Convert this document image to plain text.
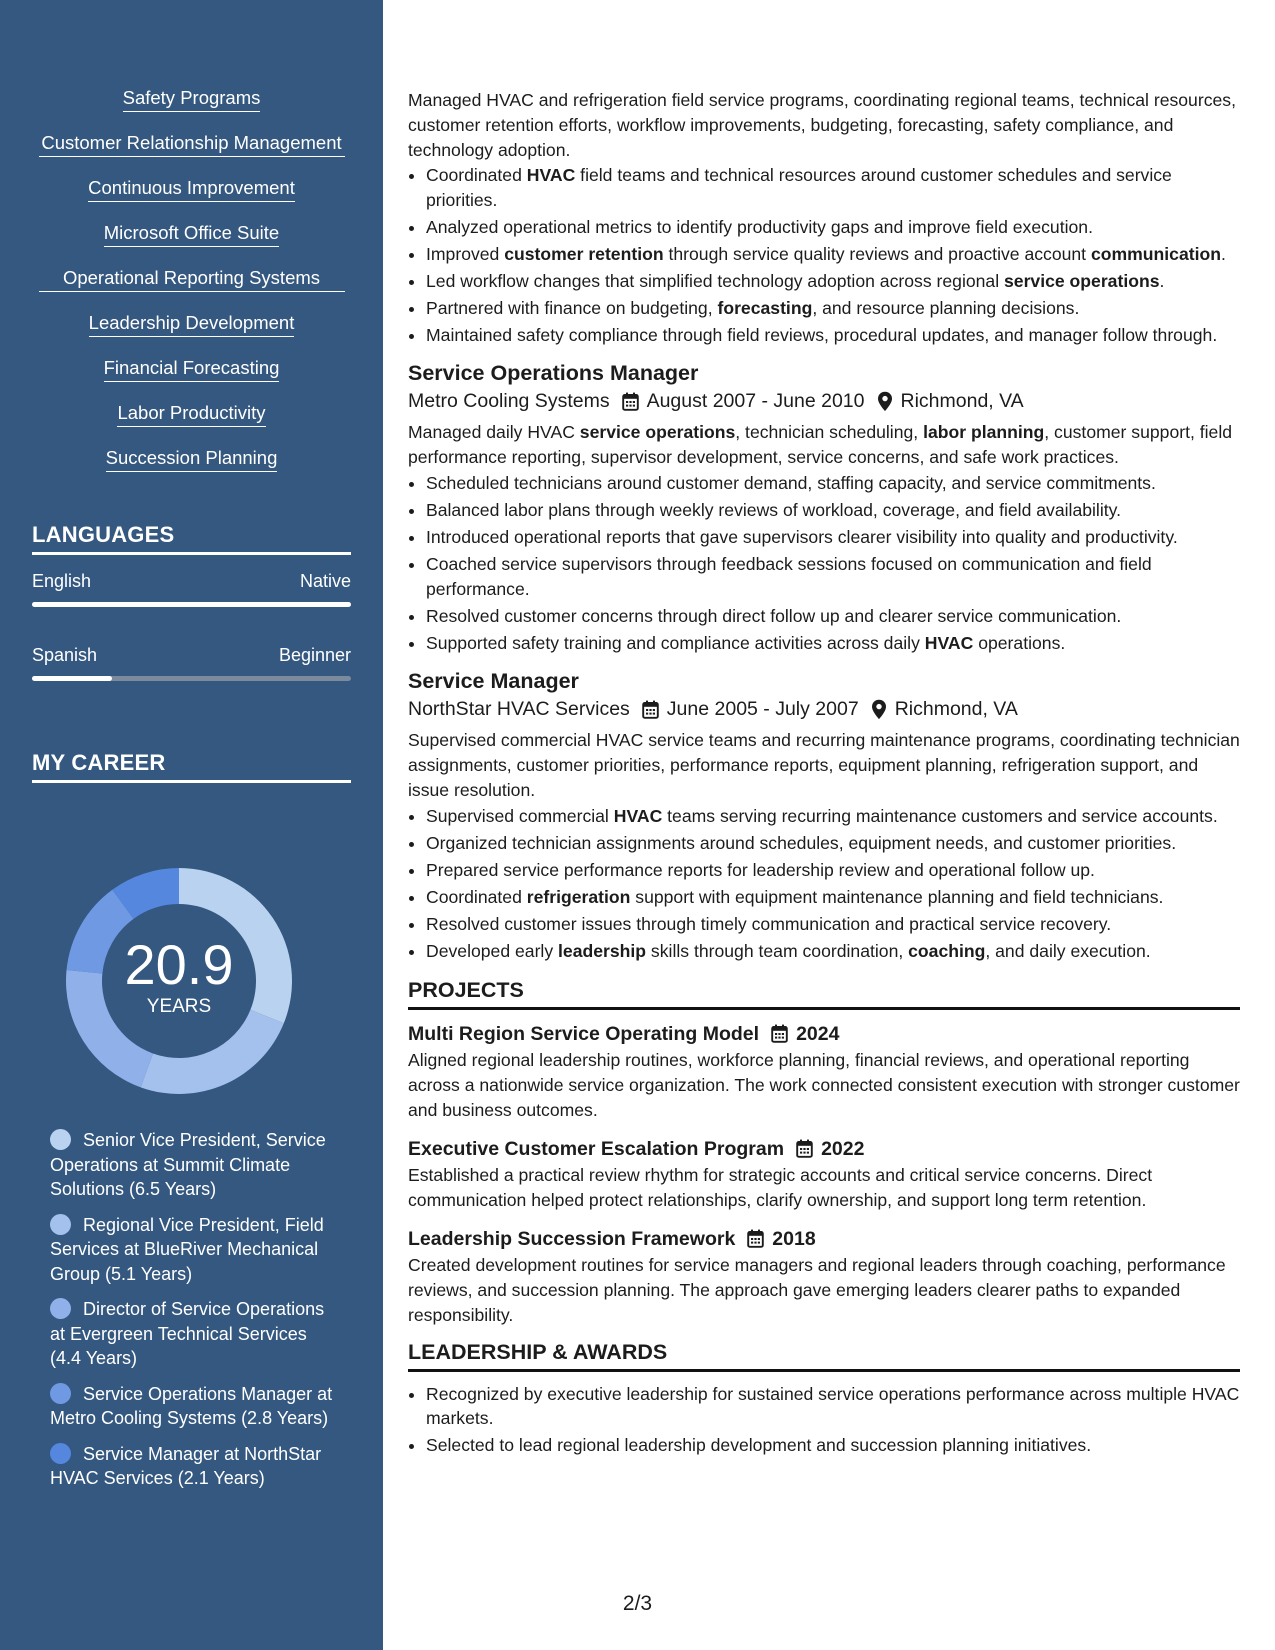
Safety Programs
Customer Relationship Management
Continuous Improvement
Microsoft Office Suite
Operational Reporting Systems
Leadership Development
Financial Forecasting
Labor Productivity
Succession Planning
LANGUAGES
English	Native
Spanish	Beginner
MY CAREER
20.9
YEARS
Senior Vice President, Service Operations at Summit Climate Solutions (6.5 Years)
Regional Vice President, Field Services at BlueRiver Mechanical Group (5.1 Years)
Director of Service Operations at Evergreen Technical Services (4.4 Years)
Service Operations Manager at Metro Cooling Systems (2.8 Years)
Service Manager at NorthStar HVAC Services (2.1 Years)
Managed HVAC and refrigeration field service programs, coordinating regional teams, technical resources, customer retention efforts, workflow improvements, budgeting, forecasting, safety compliance, and technology adoption.
• Coordinated HVAC field teams and technical resources around customer schedules and service priorities.
• Analyzed operational metrics to identify productivity gaps and improve field execution.
• Improved customer retention through service quality reviews and proactive account communication.
• Led workflow changes that simplified technology adoption across regional service operations.
• Partnered with finance on budgeting, forecasting, and resource planning decisions.
• Maintained safety compliance through field reviews, procedural updates, and manager follow through.
Service Operations Manager
Metro Cooling Systems August 2007 - June 2010 Richmond, VA
Managed daily HVAC service operations, technician scheduling, labor planning, customer support, field performance reporting, supervisor development, service concerns, and safe work practices.
• Scheduled technicians around customer demand, staffing capacity, and service commitments.
• Balanced labor plans through weekly reviews of workload, coverage, and field availability.
• Introduced operational reports that gave supervisors clearer visibility into quality and productivity.
• Coached service supervisors through feedback sessions focused on communication and field performance.
• Resolved customer concerns through direct follow up and clearer service communication.
• Supported safety training and compliance activities across daily HVAC operations.
Service Manager
NorthStar HVAC Services June 2005 - July 2007 Richmond, VA
Supervised commercial HVAC service teams and recurring maintenance programs, coordinating technician assignments, customer priorities, performance reports, equipment planning, refrigeration support, and issue resolution.
• Supervised commercial HVAC teams serving recurring maintenance customers and service accounts.
• Organized technician assignments around schedules, equipment needs, and customer priorities.
• Prepared service performance reports for leadership review and operational follow up.
• Coordinated refrigeration support with equipment maintenance planning and field technicians.
• Resolved customer issues through timely communication and practical service recovery.
• Developed early leadership skills through team coordination, coaching, and daily execution.
PROJECTS
Multi Region Service Operating Model 2024
Aligned regional leadership routines, workforce planning, financial reviews, and operational reporting across a nationwide service organization. The work connected consistent execution with stronger customer and business outcomes.
Executive Customer Escalation Program 2022
Established a practical review rhythm for strategic accounts and critical service concerns. Direct communication helped protect relationships, clarify ownership, and support long term retention.
Leadership Succession Framework 2018
Created development routines for service managers and regional leaders through coaching, performance reviews, and succession planning. The approach gave emerging leaders clearer paths to expanded responsibility.
LEADERSHIP & AWARDS
• Recognized by executive leadership for sustained service operations performance across multiple HVAC markets.
• Selected to lead regional leadership development and succession planning initiatives.
2/3
